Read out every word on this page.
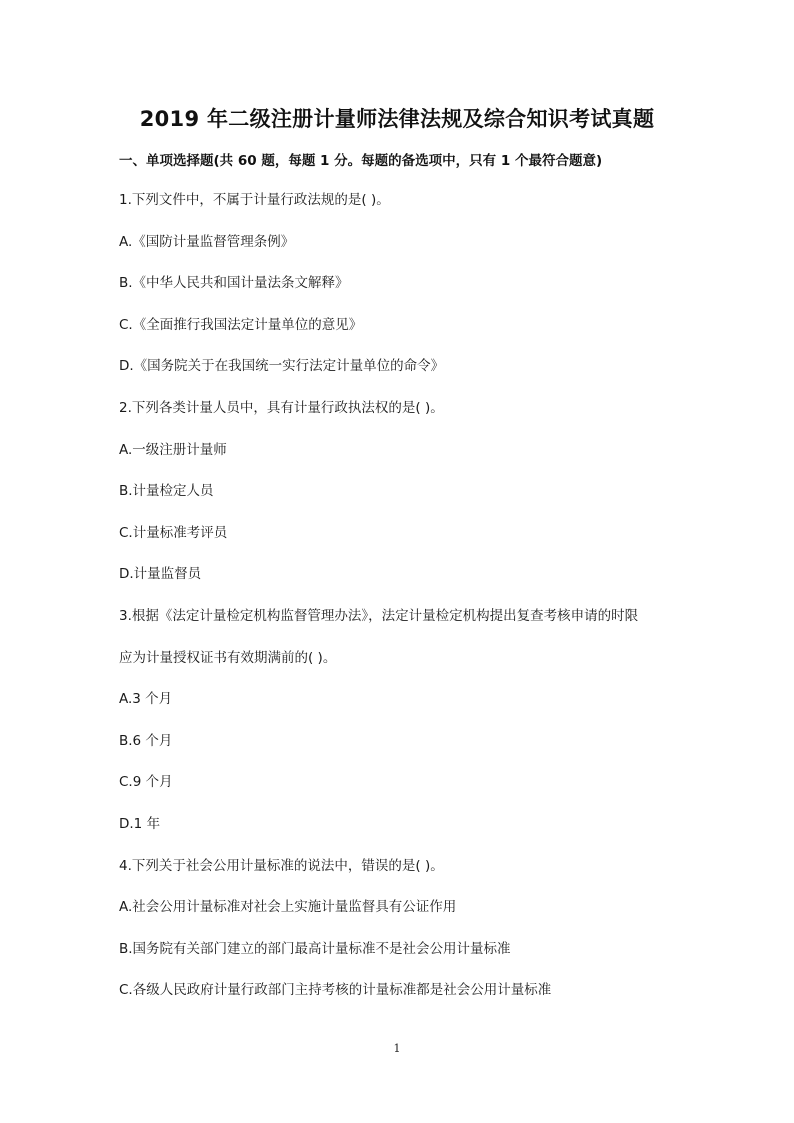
2019 年二级注册计量师法律法规及综合知识考试真题
一、单项选择题(共 60 题，每题 1 分。每题的备选项中，只有 1 个最符合题意)
1.下列文件中，不属于计量行政法规的是( )。
A.《国防计量监督管理条例》
B.《中华人民共和国计量法条文解释》
C.《全面推行我国法定计量单位的意见》
D.《国务院关于在我国统一实行法定计量单位的命令》
2.下列各类计量人员中，具有计量行政执法权的是( )。
A.一级注册计量师
B.计量检定人员
C.计量标准考评员
D.计量监督员
3.根据《法定计量检定机构监督管理办法》，法定计量检定机构提出复查考核申请的时限
应为计量授权证书有效期满前的( )。
A.3 个月
B.6 个月
C.9 个月
D.1 年
4.下列关于社会公用计量标准的说法中，错误的是( )。
A.社会公用计量标准对社会上实施计量监督具有公证作用
B.国务院有关部门建立的部门最高计量标准不是社会公用计量标准
C.各级人民政府计量行政部门主持考核的计量标准都是社会公用计量标准
1
